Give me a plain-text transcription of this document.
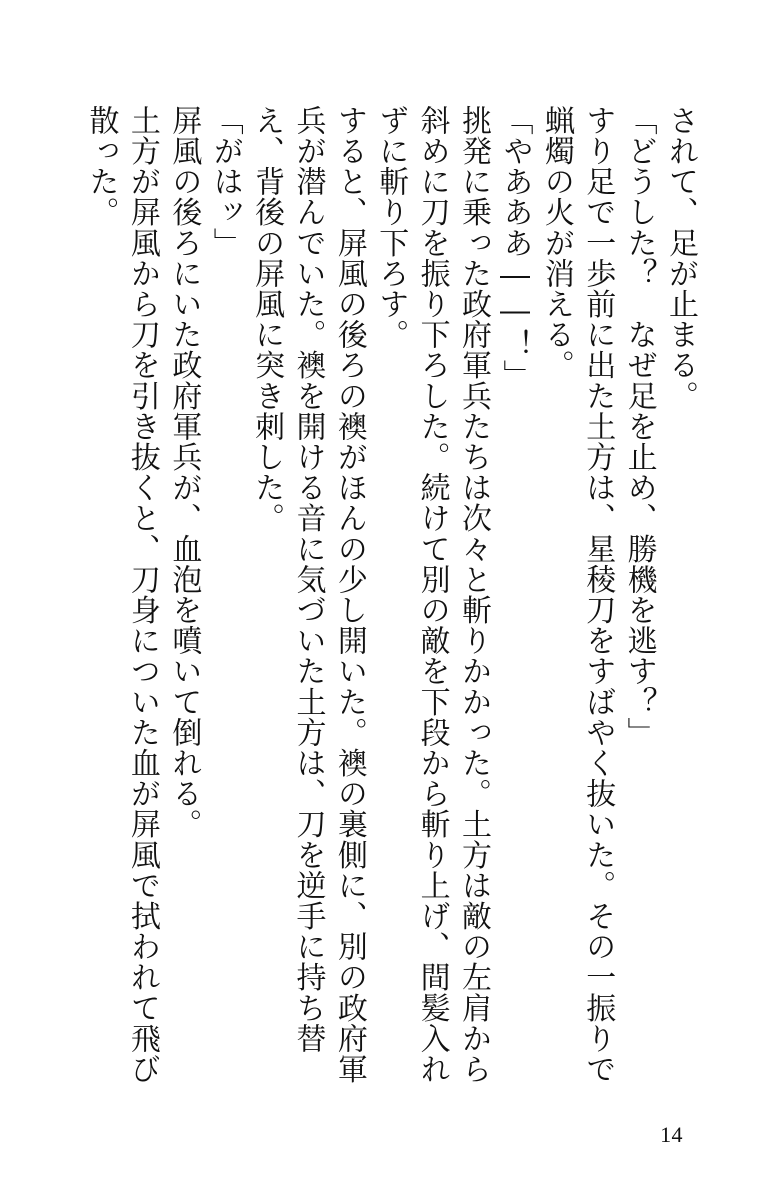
されて、足が止まる。

「どうした？　なぜ足を止め、勝機を逃す？」

すり足で一歩前に出た土方は、星稜刀をすばやく抜いた。その一振りで蝋燭の火が消える。

「やあああ――！」

挑発に乗った政府軍兵たちは次々と斬りかかった。土方は敵の左肩から斜めに刀を振り下ろした。続けて別の敵を下段から斬り上げ、間髪入れずに斬り下ろす。

すると、屏風の後ろの襖がほんの少し開いた。襖の裏側に、別の政府軍兵が潜んでいた。襖を開ける音に気づいた土方は、刀を逆手に持ち替え、背後の屏風に突き刺した。

「がはッ」

屏風の後ろにいた政府軍兵が、血泡を噴いて倒れる。

土方が屏風から刀を引き抜くと、刀身についた血が屏風で拭われて飛び散った。

14
